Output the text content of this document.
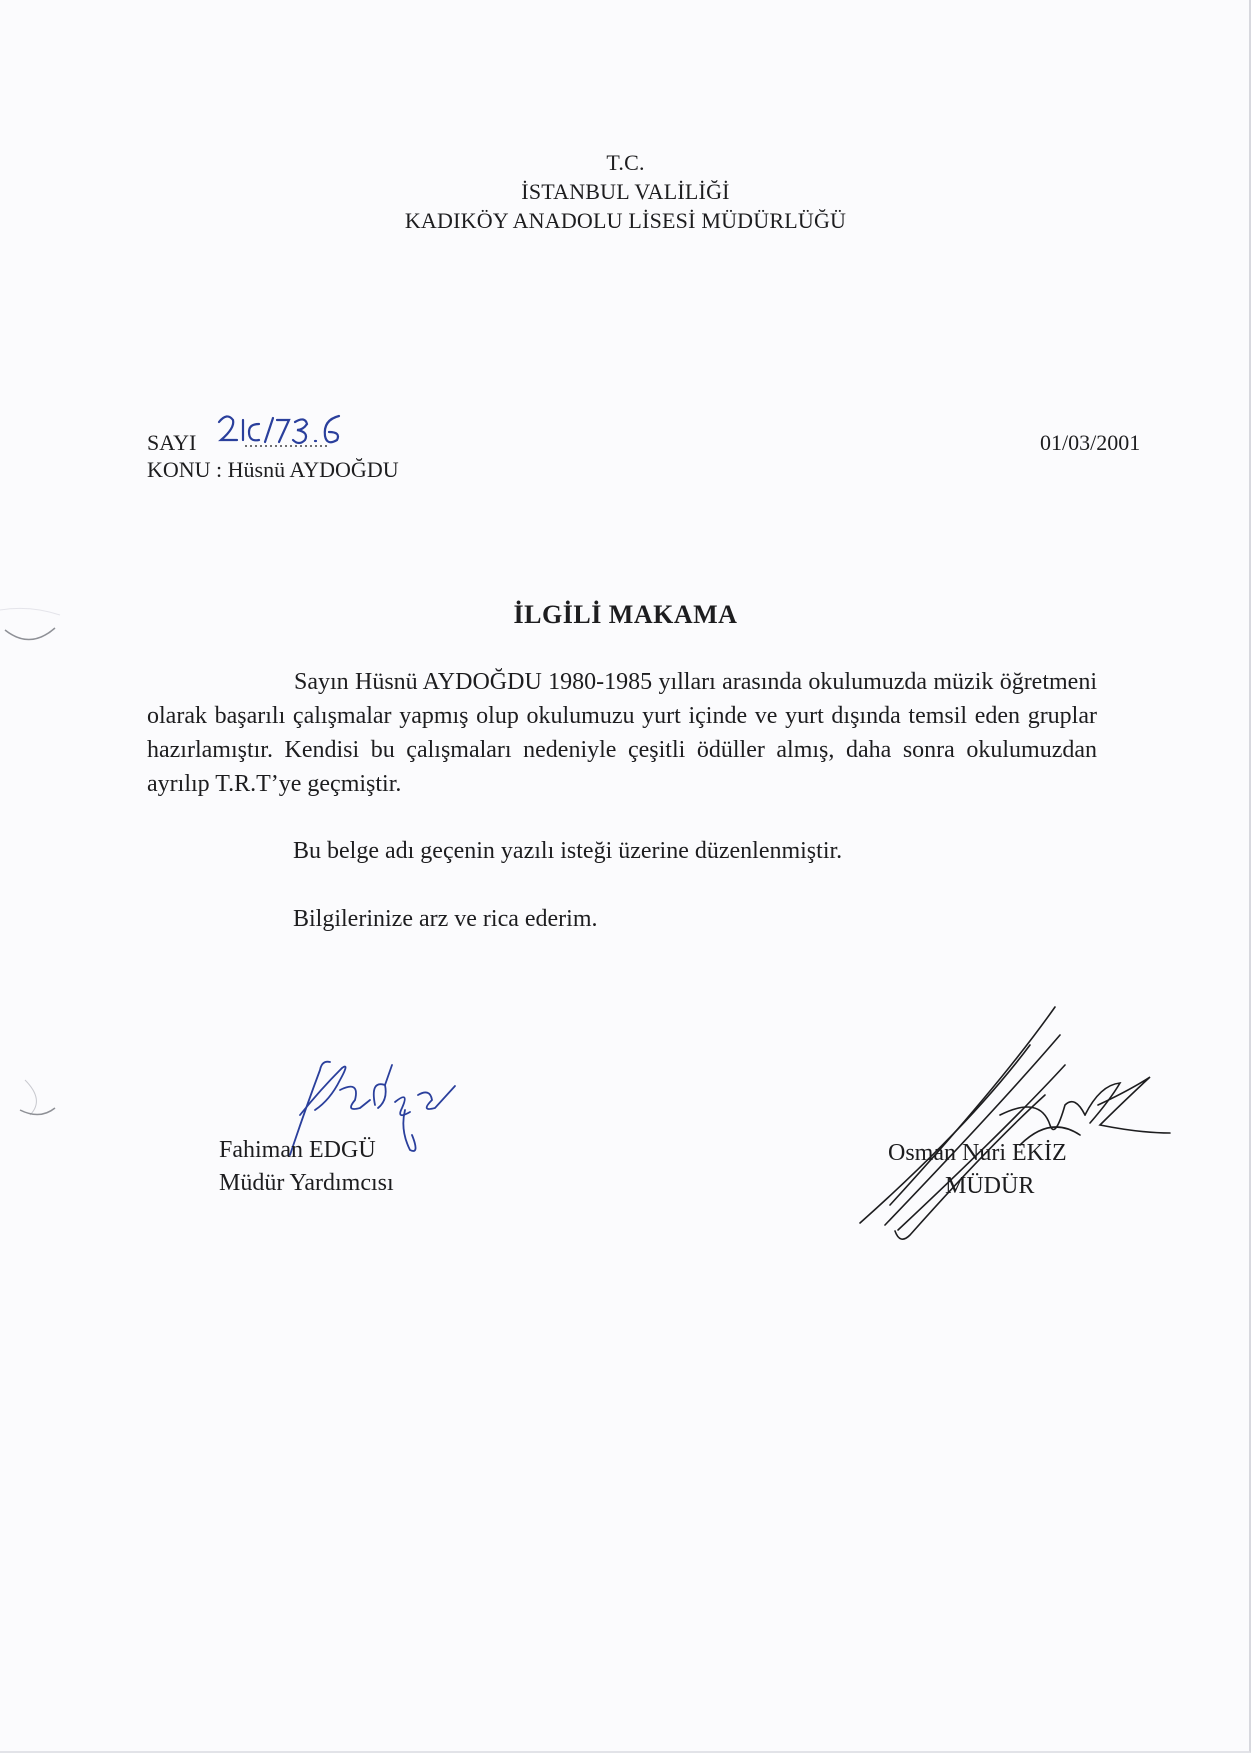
T.C.
İSTANBUL VALİLİĞİ
KADIKÖY ANADOLU LİSESİ MÜDÜRLÜĞÜ
SAYI	01/03/2001
KONU : Hüsnü AYDOĞDU
İLGİLİ MAKAMA

Sayın Hüsnü AYDOĞDU 1980-1985 yılları arasında okulumuzda müzik öğretmeni olarak başarılı çalışmalar yapmış olup okulumuzu yurt içinde ve yurt dışında temsil eden gruplar hazırlamıştır. Kendisi bu çalışmaları nedeniyle çeşitli ödüller almış, daha sonra okulumuzdan ayrılıp T.R.T’ye geçmiştir.

Bu belge adı geçenin yazılı isteği üzerine düzenlenmiştir.
Bilgilerinize arz ve rica ederim.
Fahiman EDGÜ
Müdür Yardımcısı
Osman Nuri EKİZ
MÜDÜR
